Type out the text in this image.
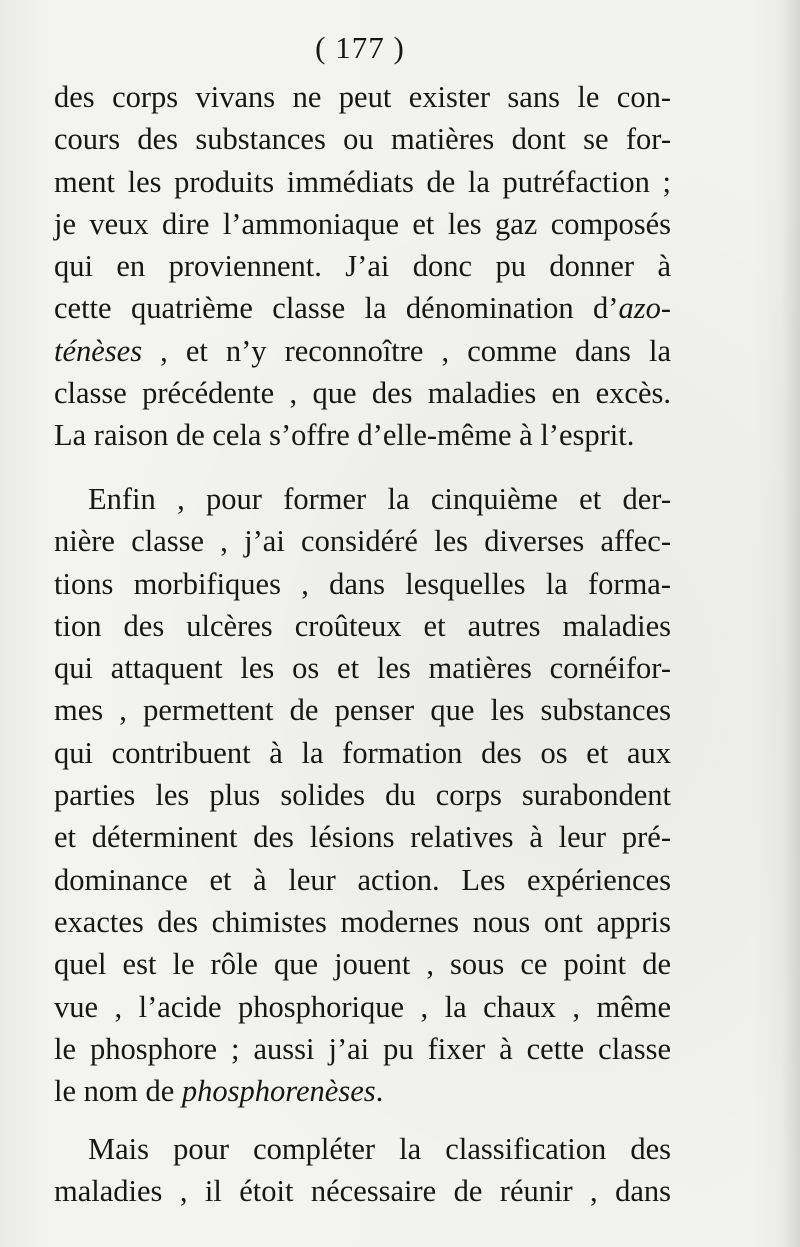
( 177 )
des corps vivans ne peut exister sans le con-
cours des substances ou matières dont se for-
ment les produits immédiats de la putréfaction ;
je veux dire l’ammoniaque et les gaz composés
qui en proviennent. J’ai donc pu donner à
cette quatrième classe la dénomination d’azo-
ténèses , et n’y reconnoître , comme dans la
classe précédente , que des maladies en excès.
La raison de cela s’offre d’elle-même à l’esprit.
Enfin , pour former la cinquième et der-
nière classe , j’ai considéré les diverses affec-
tions morbifiques , dans lesquelles la forma-
tion des ulcères croûteux et autres maladies
qui attaquent les os et les matières cornéifor-
mes , permettent de penser que les substances
qui contribuent à la formation des os et aux
parties les plus solides du corps surabondent
et déterminent des lésions relatives à leur pré-
dominance et à leur action. Les expériences
exactes des chimistes modernes nous ont appris
quel est le rôle que jouent , sous ce point de
vue , l’acide phosphorique , la chaux , même
le phosphore ; aussi j’ai pu fixer à cette classe
le nom de phosphorenèses.
Mais pour compléter la classification des
maladies , il étoit nécessaire de réunir , dans
